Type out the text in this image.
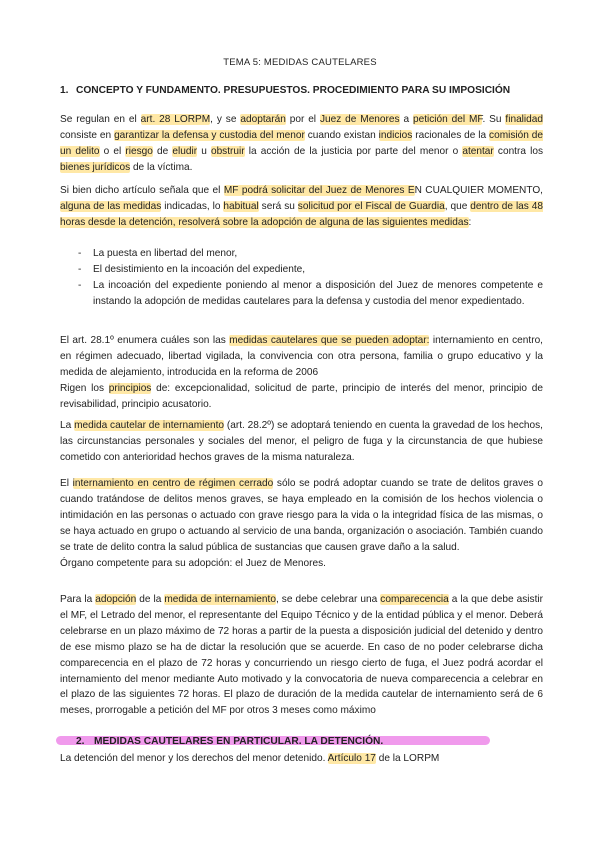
TEMA 5: MEDIDAS CAUTELARES
1. CONCEPTO Y FUNDAMENTO. PRESUPUESTOS. PROCEDIMIENTO PARA SU IMPOSICIÓN
Se regulan en el art. 28 LORPM, y se adoptarán por el Juez de Menores a petición del MF. Su finalidad consiste en garantizar la defensa y custodia del menor cuando existan indicios racionales de la comisión de un delito o el riesgo de eludir u obstruir la acción de la justicia por parte del menor o atentar contra los bienes jurídicos de la víctima.
Si bien dicho artículo señala que el MF podrá solicitar del Juez de Menores EN CUALQUIER MOMENTO, alguna de las medidas indicadas, lo habitual será su solicitud por el Fiscal de Guardia, que dentro de las 48 horas desde la detención, resolverá sobre la adopción de alguna de las siguientes medidas:
- La puesta en libertad del menor,
- El desistimiento en la incoación del expediente,
- La incoación del expediente poniendo al menor a disposición del Juez de menores competente e instando la adopción de medidas cautelares para la defensa y custodia del menor expedientado.
El art. 28.1º enumera cuáles son las medidas cautelares que se pueden adoptar: internamiento en centro, en régimen adecuado, libertad vigilada, la convivencia con otra persona, familia o grupo educativo y la medida de alejamiento, introducida en la reforma de 2006
Rigen los principios de: excepcionalidad, solicitud de parte, principio de interés del menor, principio de revisabilidad, principio acusatorio.
La medida cautelar de internamiento (art. 28.2º) se adoptará teniendo en cuenta la gravedad de los hechos, las circunstancias personales y sociales del menor, el peligro de fuga y la circunstancia de que hubiese cometido con anterioridad hechos graves de la misma naturaleza.
El internamiento en centro de régimen cerrado sólo se podrá adoptar cuando se trate de delitos graves o cuando tratándose de delitos menos graves, se haya empleado en la comisión de los hechos violencia o intimidación en las personas o actuado con grave riesgo para la vida o la integridad física de las mismas, o se haya actuado en grupo o actuando al servicio de una banda, organización o asociación. También cuando se trate de delito contra la salud pública de sustancias que causen grave daño a la salud.
Órgano competente para su adopción: el Juez de Menores.
Para la adopción de la medida de internamiento, se debe celebrar una comparecencia a la que debe asistir el MF, el Letrado del menor, el representante del Equipo Técnico y de la entidad pública y el menor. Deberá celebrarse en un plazo máximo de 72 horas a partir de la puesta a disposición judicial del detenido y dentro de ese mismo plazo se ha de dictar la resolución que se acuerde. En caso de no poder celebrarse dicha comparecencia en el plazo de 72 horas y concurriendo un riesgo cierto de fuga, el Juez podrá acordar el internamiento del menor mediante Auto motivado y la convocatoria de nueva comparecencia a celebrar en el plazo de las siguientes 72 horas. El plazo de duración de la medida cautelar de internamiento será de 6 meses, prorrogable a petición del MF por otros 3 meses como máximo
2. MEDIDAS CAUTELARES EN PARTICULAR. LA DETENCIÓN.
La detención del menor y los derechos del menor detenido. Artículo 17 de la LORPM
